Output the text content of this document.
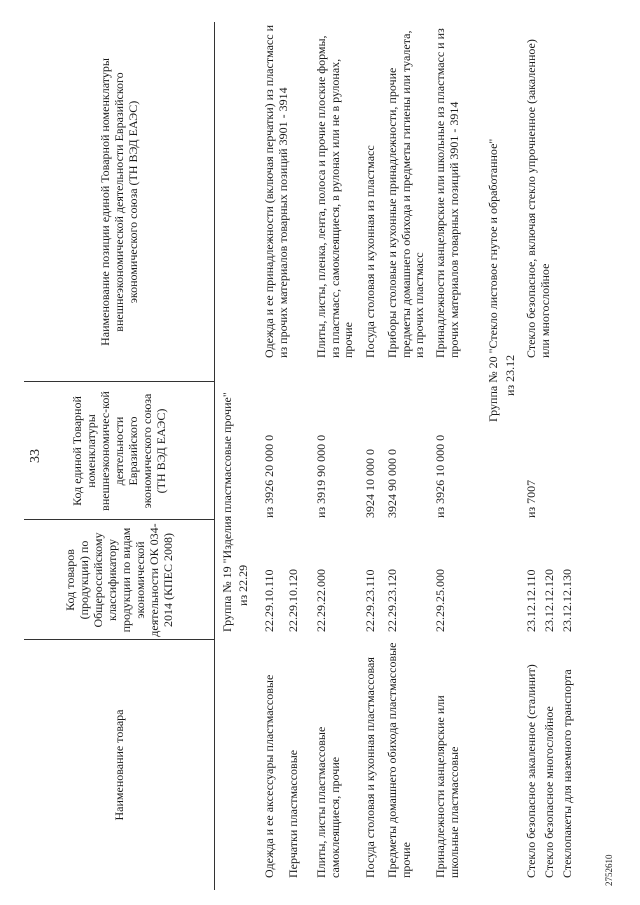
33
Наименование товара
Код товаров (продукции) по Общероссийскому классификатору продукции по видам экономической деятельности ОК 034-2014 (КПЕС 2008)
Код единой Товарной номенклатуры внешнеэкономичес-кой деятельности Евразийского экономического союза (ТН ВЭД ЕАЭС)
Наименование позиции единой Товарной номенклатуры внешнеэкономической деятельности Евразийского экономического союза (ТН ВЭД ЕАЭС)
Группа № 19 "Изделия пластмассовые прочие" из 22.29
Одежда и ее аксессуары пластмассовые
22.29.10.110
из 3926 20 000 0
Одежда и ее принадлежности (включая перчатки) из пластмасс и из прочих материалов товарных позиций 3901 - 3914
Перчатки пластмассовые
22.29.10.120
Плиты, листы пластмассовые самоклеящиеся, прочие
22.29.22.000
из 3919 90 000 0
Плиты, листы, пленка, лента, полоса и прочие плоские формы, из пластмасс, самоклеящиеся, в рулонах или не в рулонах, прочие
Посуда столовая и кухонная пластмассовая
22.29.23.110
3924 10 000 0
Посуда столовая и кухонная из пластмасс
Предметы домашнего обихода пластмассовые прочие
22.29.23.120
3924 90 000 0
Приборы столовые и кухонные принадлежности, прочие предметы домашнего обихода и предметы гигиены или туалета, из прочих пластмасс
Принадлежности канцелярские или школьные пластмассовые
22.29.25.000
из 3926 10 000 0
Принадлежности канцелярские или школьные из пластмасс и из прочих материалов товарных позиций 3901 - 3914 Группа № 20 "Стекло листовое гнутое и обработанное" из 23.12
Стекло безопасное закаленное (сталинит)
23.12.12.110
из 7007
Стекло безопасное, включая стекло упрочненное (закаленное) или многослойное
Стекло безопасное многослойное
23.12.12.120
Стеклопакеты для наземного транспорта
23.12.12.130
2752610
